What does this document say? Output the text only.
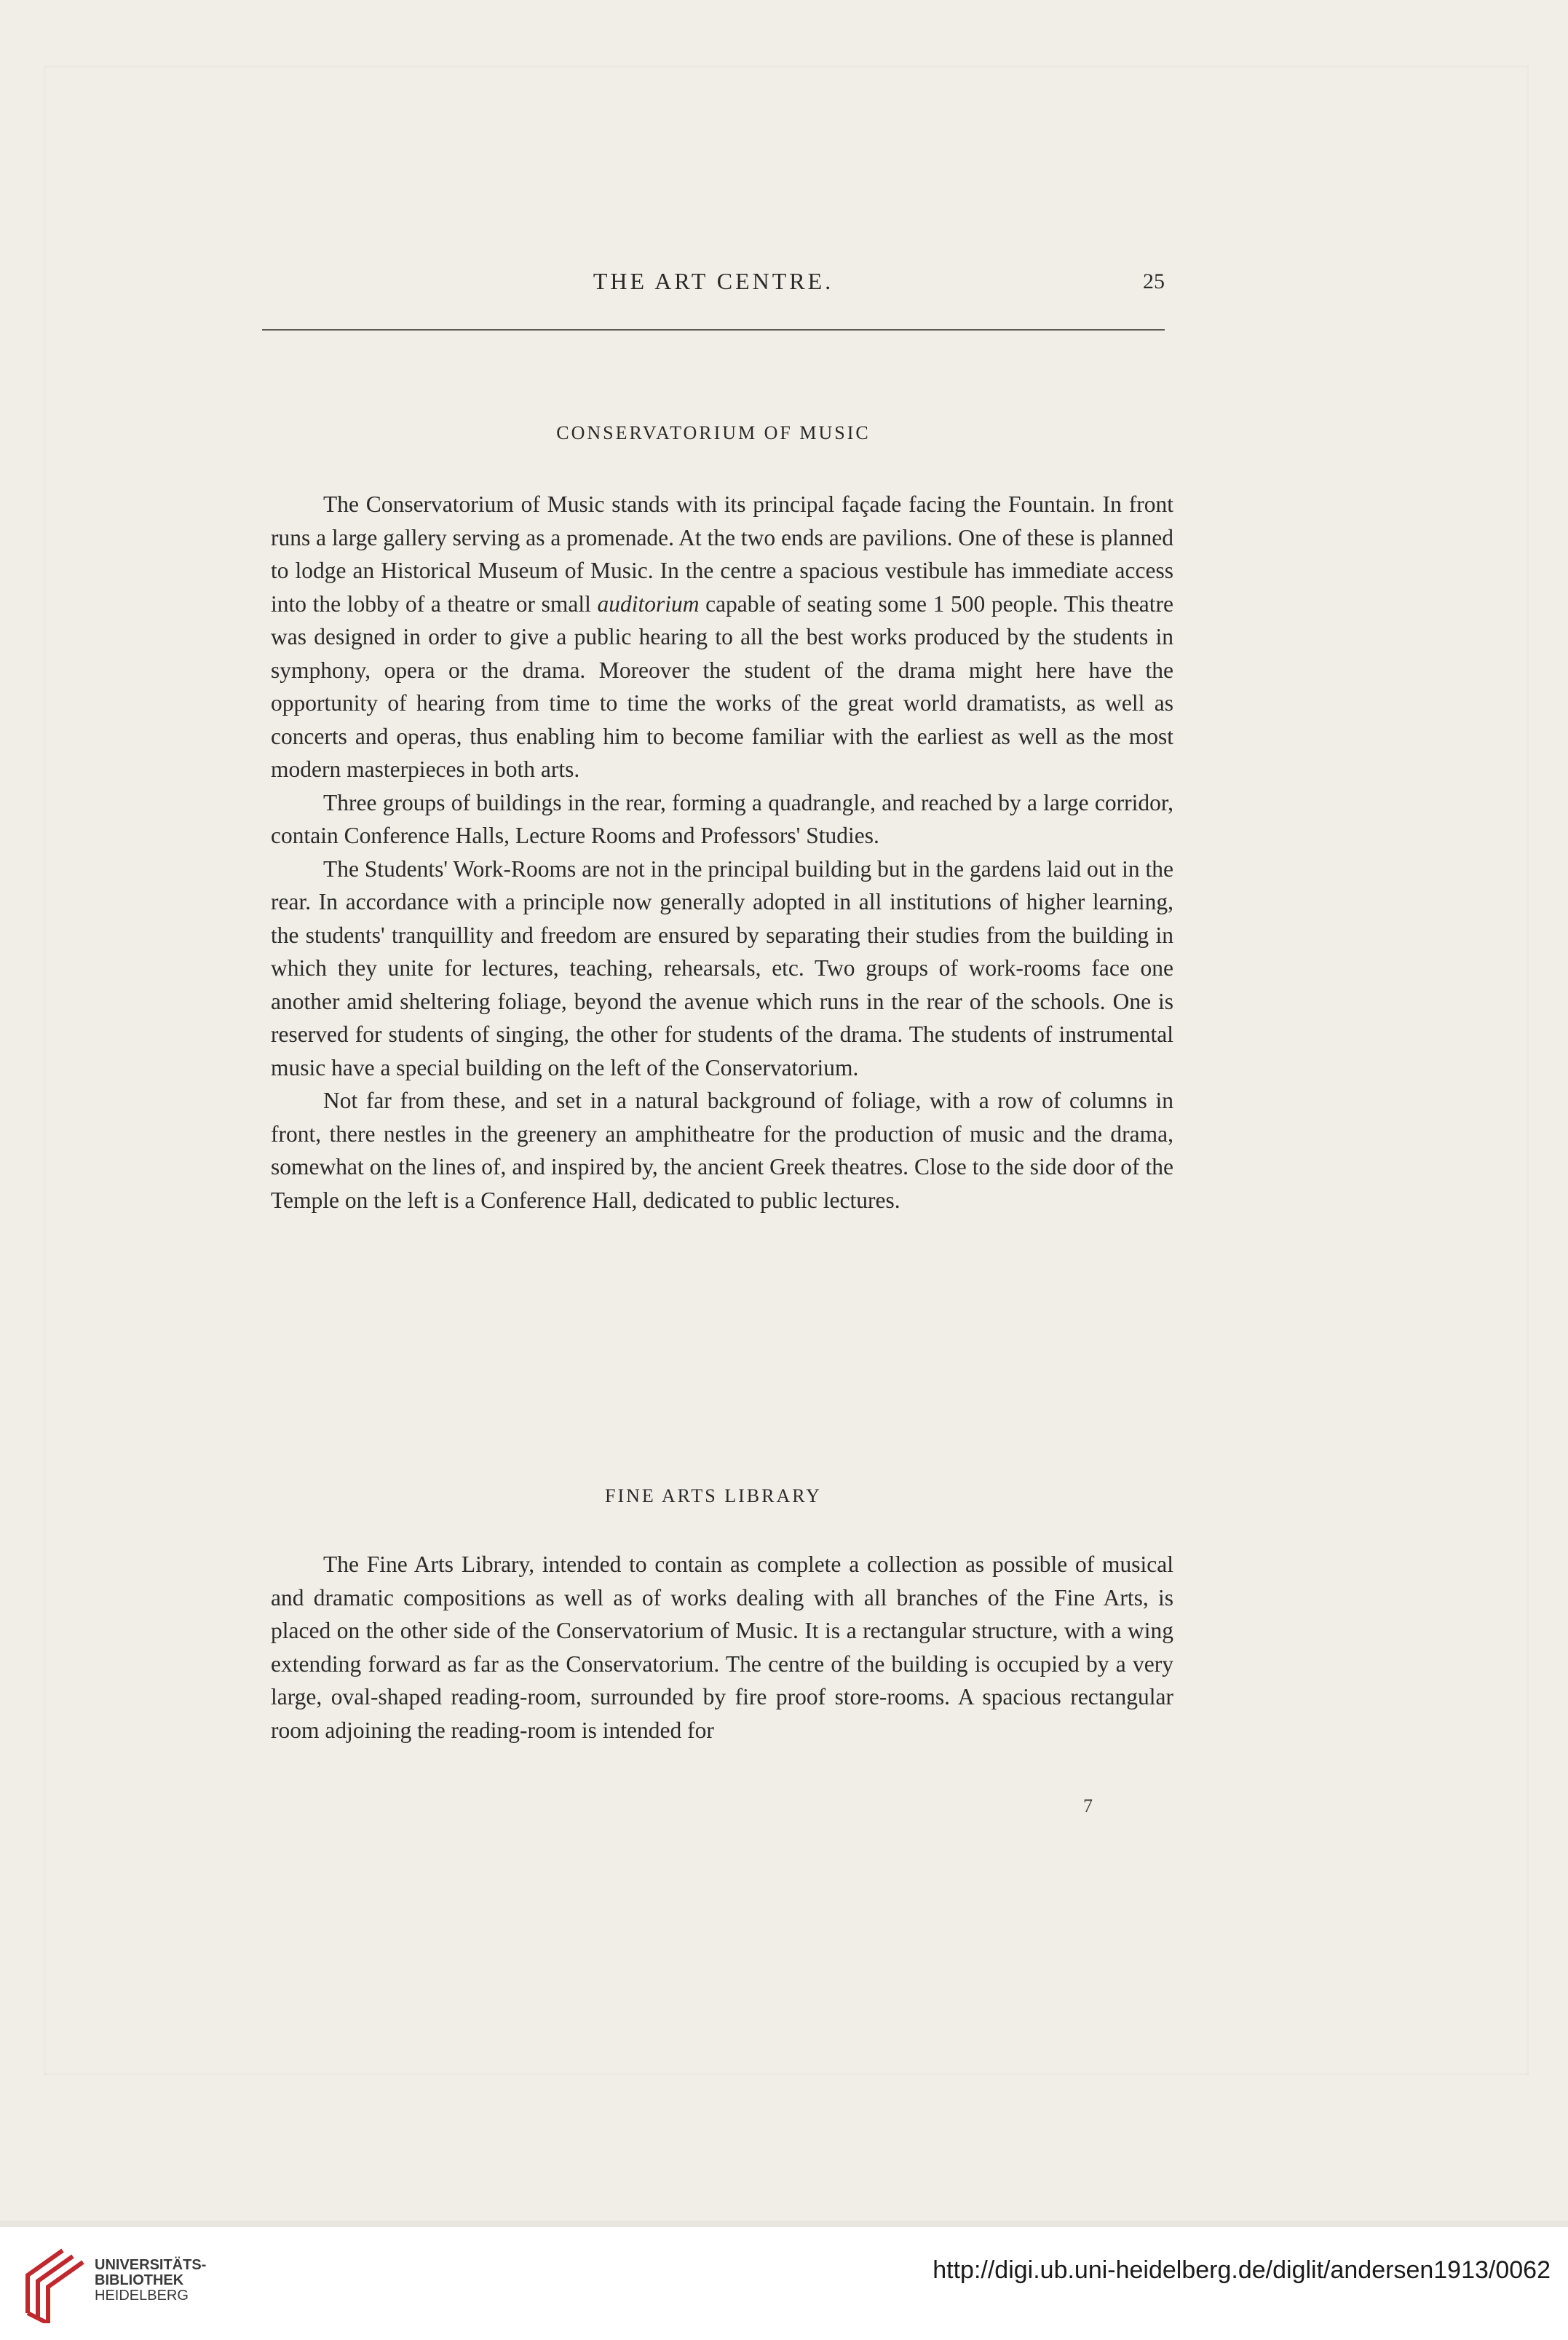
THE ART CENTRE.	25
CONSERVATORIUM OF MUSIC

The Conservatorium of Music stands with its principal façade facing the Fountain. In front runs a large gallery serving as a promenade. At the two ends are pavilions. One of these is planned to lodge an Historical Museum of Music. In the centre a spacious vestibule has immediate access into the lobby of a theatre or small auditorium capable of seating some 1 500 people. This theatre was designed in order to give a public hearing to all the best works produced by the students in symphony, opera or the drama. Moreover the student of the drama might here have the opportunity of hearing from time to time the works of the great world dramatists, as well as concerts and operas, thus enabling him to become familiar with the earliest as well as the most modern masterpieces in both arts.

Three groups of buildings in the rear, forming a quadrangle, and reached by a large corridor, contain Conference Halls, Lecture Rooms and Professors' Studies.

The Students' Work-Rooms are not in the principal building but in the gardens laid out in the rear. In accordance with a principle now generally adopted in all institutions of higher learning, the students' tranquillity and freedom are ensured by separating their studies from the building in which they unite for lectures, teaching, rehearsals, etc. Two groups of work-rooms face one another amid sheltering foliage, beyond the avenue which runs in the rear of the schools. One is reserved for students of singing, the other for students of the drama. The students of instrumental music have a special building on the left of the Conservatorium.

Not far from these, and set in a natural background of foliage, with a row of columns in front, there nestles in the greenery an amphitheatre for the production of music and the drama, somewhat on the lines of, and inspired by, the ancient Greek theatres. Close to the side door of the Temple on the left is a Conference Hall, dedicated to public lectures.

FINE ARTS LIBRARY

The Fine Arts Library, intended to contain as complete a collection as possible of musical and dramatic compositions as well as of works dealing with all branches of the Fine Arts, is placed on the other side of the Conservatorium of Music. It is a rectangular structure, with a wing extending forward as far as the Conservatorium. The centre of the building is occupied by a very large, oval-shaped reading-room, surrounded by fire proof store-rooms. A spacious rectangular room adjoining the reading-room is intended for

7
UNIVERSITÄTS-
BIBLIOTHEK
HEIDELBERG
http://digi.ub.uni-heidelberg.de/diglit/andersen1913/0062
